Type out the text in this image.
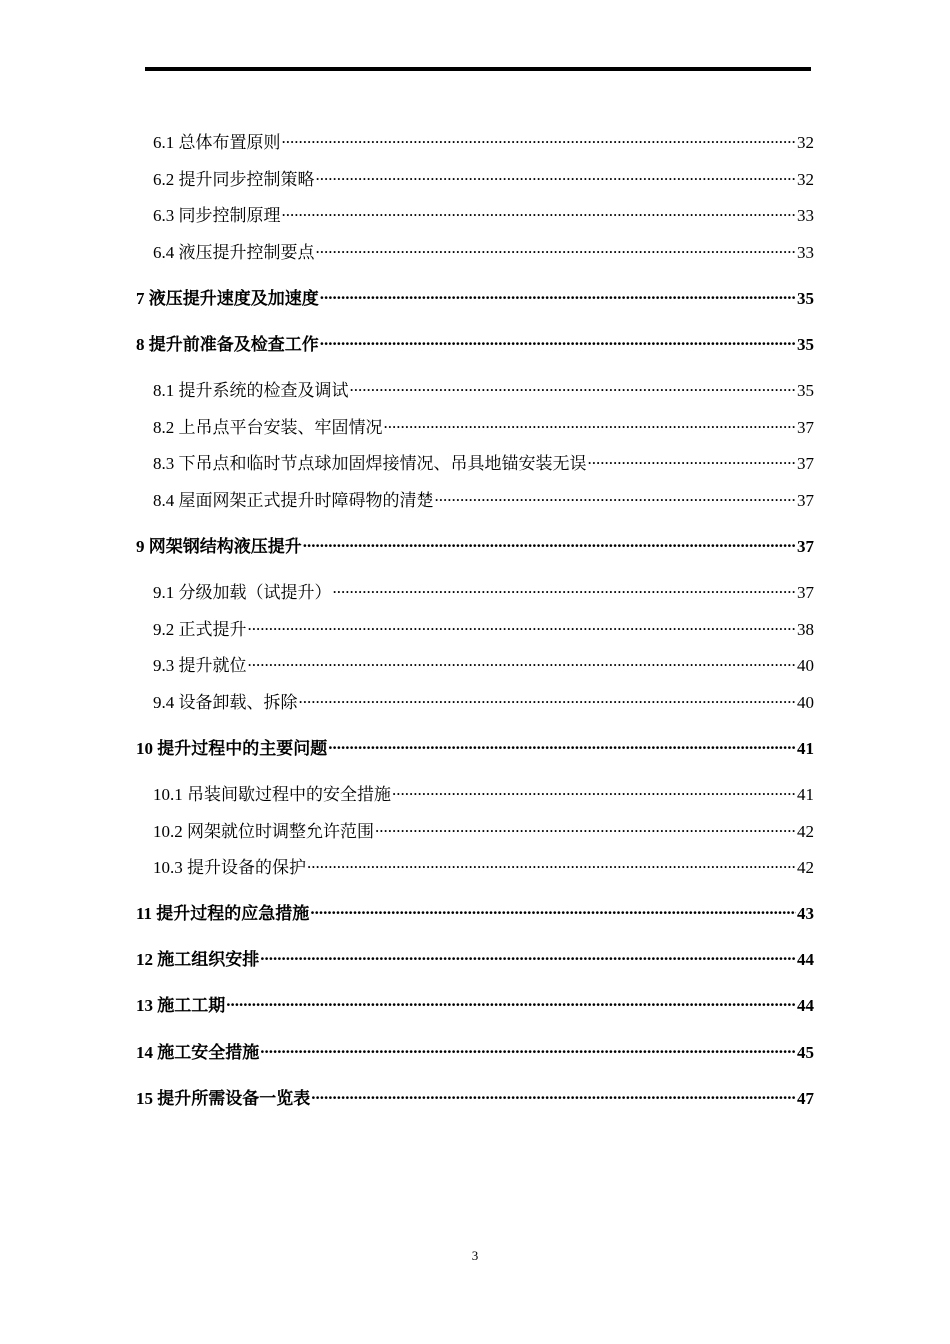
6.1 总体布置原则 .....	32
6.2 提升同步控制策略 .....	32
6.3 同步控制原理 .....	33
6.4 液压提升控制要点 .....	33
7 液压提升速度及加速度 .....	35
8 提升前准备及检查工作 .....	35
8.1 提升系统的检查及调试 .....	35
8.2 上吊点平台安装、牢固情况 .....	37
8.3 下吊点和临时节点球加固焊接情况、吊具地锚安装无误 .....	37
8.4 屋面网架正式提升时障碍物的清楚 .....	37
9 网架钢结构液压提升 .....	37
9.1 分级加载（试提升） .....	37
9.2 正式提升 .....	38
9.3 提升就位 .....	40
9.4 设备卸载、拆除 .....	40
10 提升过程中的主要问题 .....	41
10.1 吊装间歇过程中的安全措施 .....	41
10.2 网架就位时调整允许范围 .....	42
10.3 提升设备的保护 .....	42
11 提升过程的应急措施 .....	43
12 施工组织安排 .....	44
13 施工工期 .....	44
14 施工安全措施 .....	45
15 提升所需设备一览表 .....	47
3
